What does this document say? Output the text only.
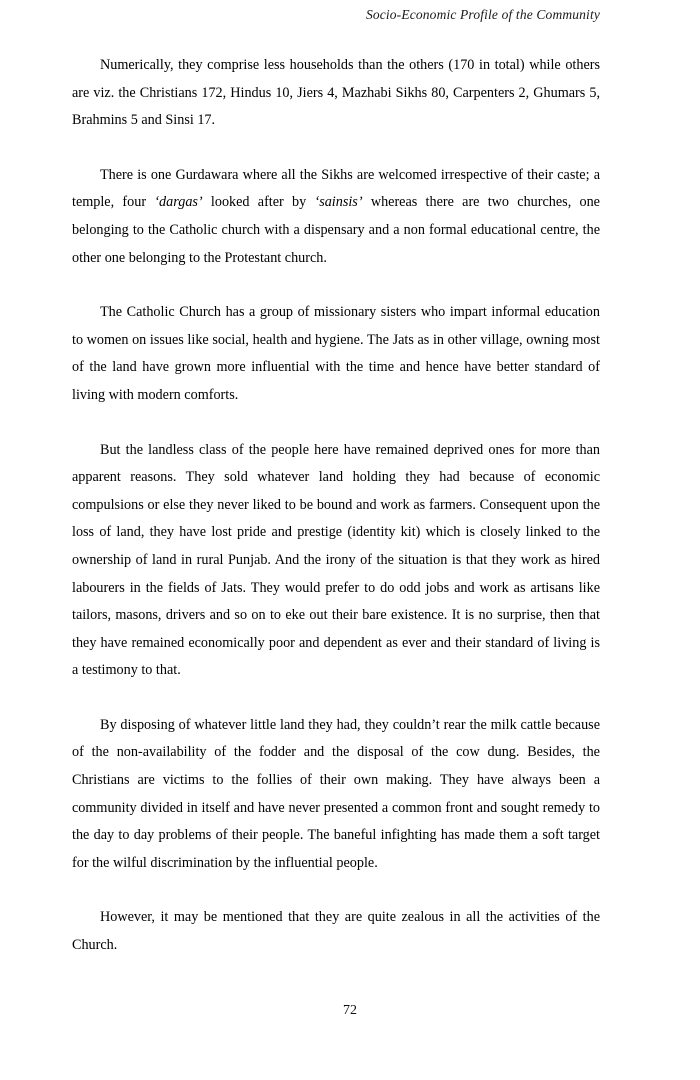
Socio-Economic Profile of the Community

Numerically, they comprise less households than the others (170 in total) while others are viz. the Christians 172, Hindus 10, Jiers 4, Mazhabi Sikhs 80, Carpenters 2, Ghumars 5, Brahmins 5 and Sinsi 17.

There is one Gurdawara where all the Sikhs are welcomed irrespective of their caste; a temple, four ‘dargas’ looked after by ‘sainsis’ whereas there are two churches, one belonging to the Catholic church with a dispensary and a non formal educational centre, the other one belonging to the Protestant church.

The Catholic Church has a group of missionary sisters who impart informal education to women on issues like social, health and hygiene. The Jats as in other village, owning most of the land have grown more influential with the time and hence have better standard of living with modern comforts.

But the landless class of the people here have remained deprived ones for more than apparent reasons. They sold whatever land holding they had because of economic compulsions or else they never liked to be bound and work as farmers. Consequent upon the loss of land, they have lost pride and prestige (identity kit) which is closely linked to the ownership of land in rural Punjab. And the irony of the situation is that they work as hired labourers in the fields of Jats. They would prefer to do odd jobs and work as artisans like tailors, masons, drivers and so on to eke out their bare existence. It is no surprise, then that they have remained economically poor and dependent as ever and their standard of living is a testimony to that.

By disposing of whatever little land they had, they couldn’t rear the milk cattle because of the non-availability of the fodder and the disposal of the cow dung. Besides, the Christians are victims to the follies of their own making. They have always been a community divided in itself and have never presented a common front and sought remedy to the day to day problems of their people. The baneful infighting has made them a soft target for the wilful discrimination by the influential people.

However, it may be mentioned that they are quite zealous in all the activities of the Church.

72
